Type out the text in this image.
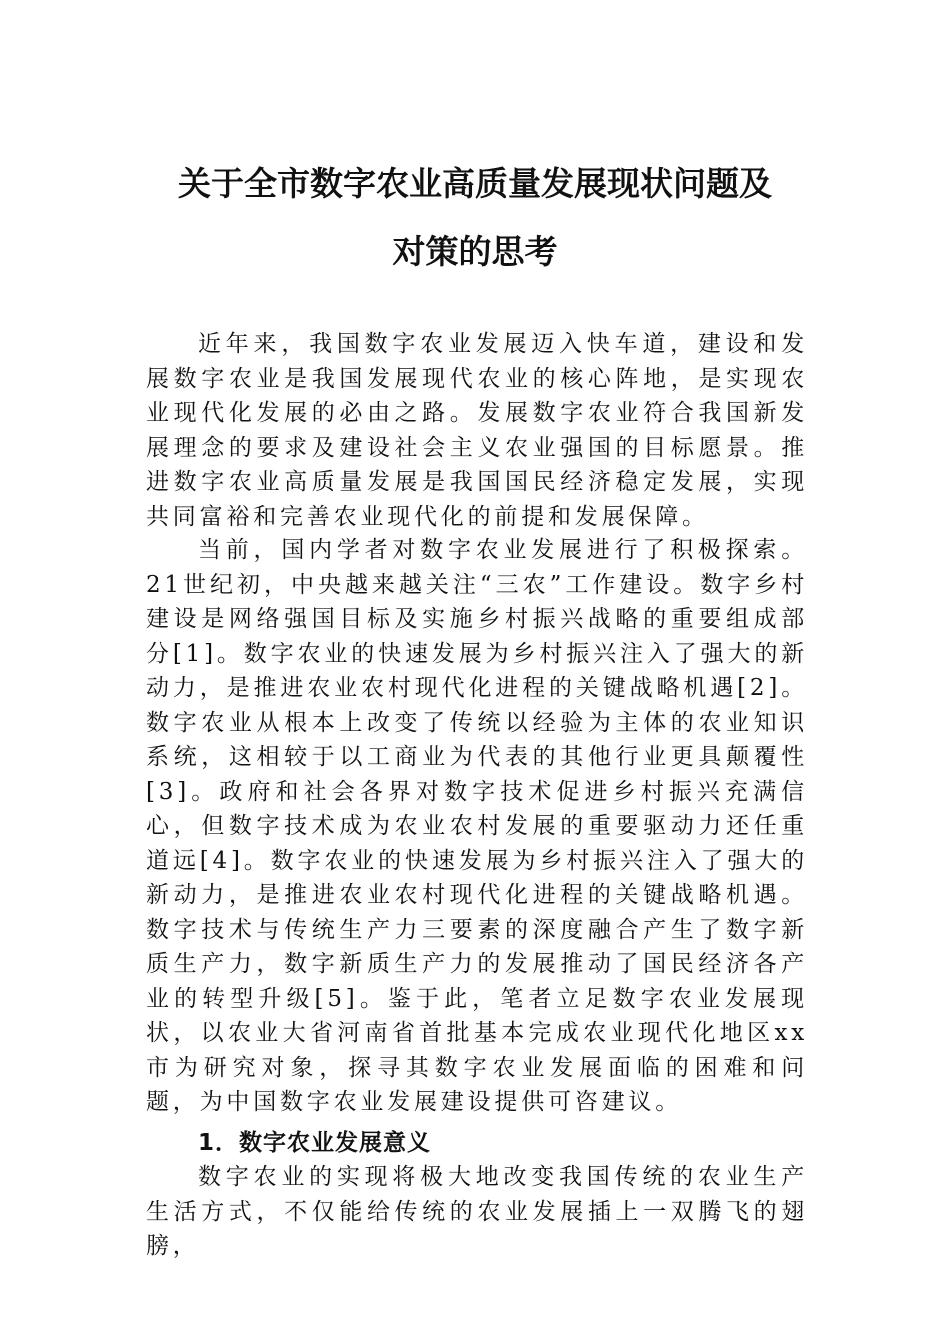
关于全市数字农业高质量发展现状问题及
对策的思考

近年来，我国数字农业发展迈入快车道，建设和发展数字农业是我国发展现代农业的核心阵地，是实现农业现代化发展的必由之路。发展数字农业符合我国新发展理念的要求及建设社会主义农业强国的目标愿景。推进数字农业高质量发展是我国国民经济稳定发展，实现共同富裕和完善农业现代化的前提和发展保障。

当前，国内学者对数字农业发展进行了积极探索。21世纪初，中央越来越关注“三农”工作建设。数字乡村建设是网络强国目标及实施乡村振兴战略的重要组成部分[1]。数字农业的快速发展为乡村振兴注入了强大的新动力，是推进农业农村现代化进程的关键战略机遇[2]。数字农业从根本上改变了传统以经验为主体的农业知识系统，这相较于以工商业为代表的其他行业更具颠覆性[3]。政府和社会各界对数字技术促进乡村振兴充满信心，但数字技术成为农业农村发展的重要驱动力还任重道远[4]。数字农业的快速发展为乡村振兴注入了强大的新动力，是推进农业农村现代化进程的关键战略机遇。数字技术与传统生产力三要素的深度融合产生了数字新质生产力，数字新质生产力的发展推动了国民经济各产业的转型升级[5]。鉴于此，笔者立足数字农业发展现状，以农业大省河南省首批基本完成农业现代化地区xx市为研究对象，探寻其数字农业发展面临的困难和问题，为中国数字农业发展建设提供可咨建议。

1．数字农业发展意义

数字农业的实现将极大地改变我国传统的农业生产生活方式，不仅能给传统的农业发展插上一双腾飞的翅膀，
